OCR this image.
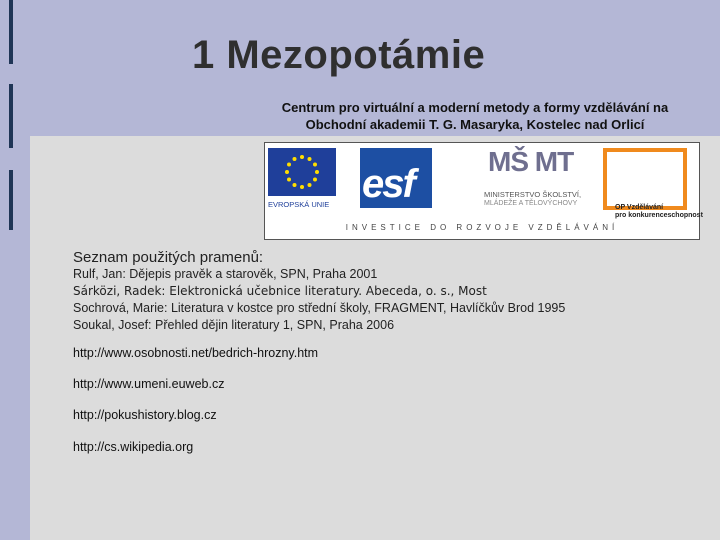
1 Mezopotámie
Centrum pro virtuální a moderní metody a formy vzdělávání na
Obchodní akademii T. G. Masaryka, Kostelec nad Orlicí
EVROPSKÁ UNIE esf
MŠ MT
MINISTERSTVO ŠKOLSTVÍ,
MLÁDEŽE A TĚLOVÝCHOVY
OP Vzdělávání
pro konkurenceschopnost
INVESTICE DO ROZVOJE VZDĚLÁVÁNÍ
Seznam použitých pramenů:
Rulf, Jan: Dějepis pravěk a starověk, SPN, Praha 2001
Sárközi, Radek: Elektronická učebnice literatury. Abeceda, o. s., Most
Sochrová, Marie: Literatura v kostce pro střední školy, FRAGMENT, Havlíčkův Brod 1995
Soukal, Josef: Přehled dějin literatury 1, SPN, Praha 2006
http://www.osobnosti.net/bedrich-hrozny.htm
http://www.umeni.euweb.cz
http://pokushistory.blog.cz
http://cs.wikipedia.org
